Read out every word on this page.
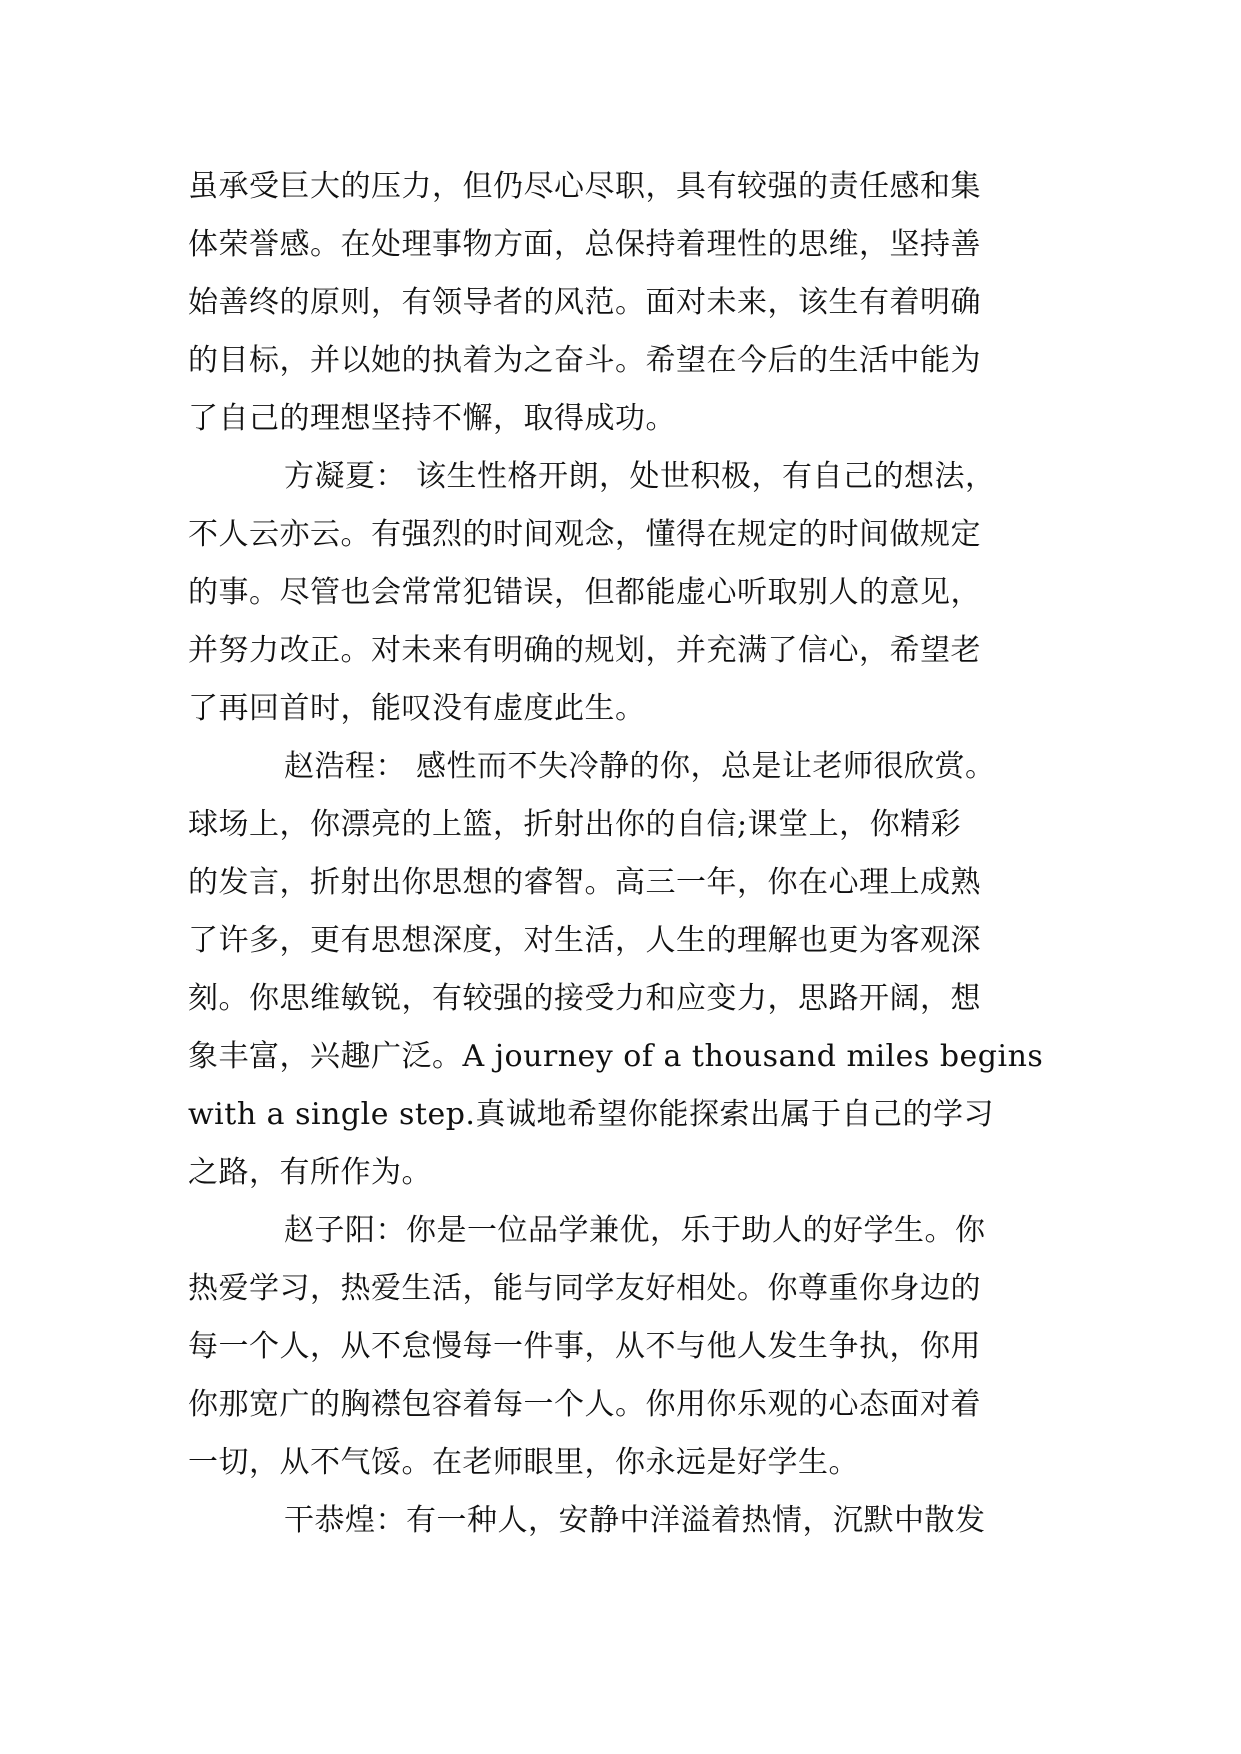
虽承受巨大的压力，但仍尽心尽职，具有较强的责任感和集
体荣誉感。在处理事物方面，总保持着理性的思维，坚持善
始善终的原则，有领导者的风范。面对未来，该生有着明确
的目标，并以她的执着为之奋斗。希望在今后的生活中能为
了自己的理想坚持不懈，取得成功。
方凝夏： 该生性格开朗，处世积极，有自己的想法，
不人云亦云。有强烈的时间观念，懂得在规定的时间做规定
的事。尽管也会常常犯错误，但都能虚心听取别人的意见，
并努力改正。对未来有明确的规划，并充满了信心，希望老
了再回首时，能叹没有虚度此生。
赵浩程： 感性而不失冷静的你，总是让老师很欣赏。
球场上，你漂亮的上篮，折射出你的自信;课堂上，你精彩
的发言，折射出你思想的睿智。高三一年，你在心理上成熟
了许多，更有思想深度，对生活，人生的理解也更为客观深
刻。你思维敏锐，有较强的接受力和应变力，思路开阔，想
象丰富，兴趣广泛。A journey of a thousand miles begins
with a single step.真诚地希望你能探索出属于自己的学习
之路，有所作为。
赵子阳：你是一位品学兼优，乐于助人的好学生。你
热爱学习，热爱生活，能与同学友好相处。你尊重你身边的
每一个人，从不怠慢每一件事，从不与他人发生争执，你用
你那宽广的胸襟包容着每一个人。你用你乐观的心态面对着
一切，从不气馁。在老师眼里，你永远是好学生。
干恭煌：有一种人，安静中洋溢着热情，沉默中散发
